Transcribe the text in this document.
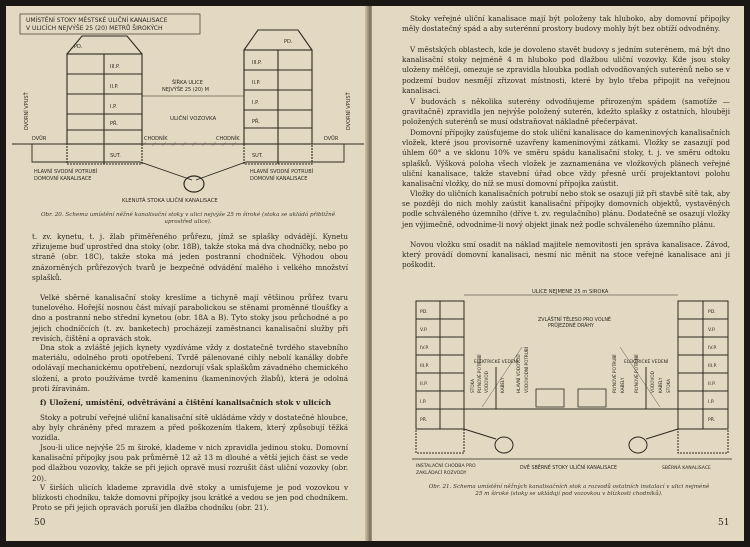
UMÍSTĚNÍ STOKY MĚSTSKÉ ULIČNÍ KANALISACE
V ULICÍCH NEJVÝŠE 25 (20) METRŮ ŠIROKÝCH
PD.
III.P.
II.P.
I.P.
PŘ.
SUT.
PD.
III.P.
II.P.
I.P.
PŘ.
SUT.
ŠÍŘKA ULICE
NEJVÝŠE 25 (20) M
ULIČNÍ VOZOVKA
CHODNÍK	CHODNÍK
DVORNÍ VPUSŤ	DVORNÍ VPUSŤ
DVŮR	DVŮR
HLAVNÍ SVODNÍ POTRUBÍ
DOMOVNÍ KANALISACE
HLAVNÍ SVODNÍ POTRUBÍ
DOMOVNÍ KANALISACE
KLENUTÁ STOKA ULIČNÍ KANALISACE
Obr. 20. Schema umístění něžné kanalisační stoky v ulici nejvýše 25 m široké (stoka se ukládá přibližně
uprostřed ulice).

t. zv. kynetu, t. j. žlab přiměřeného průřezu, jímž se splašky odvádějí. Kynetu zřizujeme buď uprostřed dna stoky (obr. 18B), takže stoka má dva chodníčky, nebo po straně (obr. 18C), takže stoka má jeden postranní chodníček. Výhodou obou znázorněných průřezových tvarů je bezpečné odvádění malého i velkého množství splašků.

Velké sběrné kanalisační stoky kreslíme a tichyně mají většinou průřez tvaru tunelového. Hořejší nosnou část mívají parabolickou se stěnami proměnné tloušťky a dno a postranní nebo střední kynetou (obr. 18A a B). Tyto stoky jsou průchodné a po jejich chodníčcích (t. zv. banketech) procházejí zaměstnanci kanalisační služby při revisích, čištění a opravách stok.

Dna stok a zvláště jejich kynety vyzdíváme vždy z dostatečně tvrdého stavebního materiálu, odolného proti opotřebení. Tvrdě pálenované cihly nebolí kanálky dobře odolávají mechanickému opotřebení, nezdorují však splaškům závadného chemického složení, a proto používáme tvrdě kameninu (kameninových žlabů), která je odolná proti žíravinám.

f) Uložení, umístění, odvětrávání a čištění kanalisačních stok v ulicích

Stoky a potrubí veřejné uliční kanalisační sítě ukládáme vždy v dostatečné hloubce, aby byly chráněny před mrazem a před poškozením tlakem, který způsobují těžká vozidla.

Jsou-li ulice nejvýše 25 m široké, klademe v nich zpravidla jedinou stoku. Domovní kanalisační přípojky jsou pak průměrně 12 až 13 m dlouhé a větší jejich část se vede pod dlažbou vozovky, takže se při jejich opravě musí rozrušit část uliční vozovky (obr. 20).

V širších ulicích klademe zpravidla dvě stoky a umisťujeme je pod vozovkou v blízkosti chodníku, takže domovní přípojky jsou krátké a vedou se jen pod chodníkem. Proto se při jejich opravách poruší jen dlažba chodníku (obr. 21).

50

Stoky veřejné uliční kanalisace mají být položeny tak hluboko, aby domovní přípojky měly dostatečný spád a aby suterénní prostory budovy mohly být bez obtíží odvodněny.

V městských oblastech, kde je dovoleno stavět budovy s jedním suterénem, má být dno kanalisační stoky nejméně 4 m hluboko pod dlažbou uliční vozovky. Kde jsou stoky uloženy mělčeji, omezuje se zpravidla hloubka podlah odvodňovaných suterénů nebo se v podzemí budov nesmějí zřizovat místnosti, které by bylo třeba připojit na veřejnou kanalisaci.

V budovách s několika suterény odvodňujeme přirozeným spádem (samotíže — gravitačně) zpravidla jen nejvýše položený suterén, kdežto splašky z ostatních, hlouběji položených suterénů se musí odstraňovat nákladně přečerpávat.

Domovní přípojky zaúsťujeme do stok uliční kanalisace do kameninových kanalisačních vložek, které jsou provisorně uzavřeny kameninovými zátkami. Vložky se zasazují pod úhlem 60° a ve sklonu 10% ve směru spádu kanalisační stoky, t. j. ve směru odtoku splašků. Výšková poloha všech vložek je zaznamenána ve vložkových plánech veřejné uliční kanalisace, takže stavební úřad obce vždy přesně určí projektantovi polohu kanalisační vložky, do níž se musí domovní přípojka zaústit.

Vložky do uličních kanalisačních potrubí nebo stok se osazují již při stavbě sítě tak, aby se později do nich mohly zaústit kanalisační přípojky domovních objektů, vystavěných podle schváleného územního (dříve t. zv. regulačního) plánu. Dodatečně se osazují vložky jen výjimečně, odvodníme-li nový objekt jinak než podle schváleného územního plánu.

Novou vložku smí osadit na náklad majitele nemovitosti jen správa kanalisace. Závod, který provádí domovní kanalisaci, nesmí nic měnit na stoce veřejné kanalisace ani ji poškodit.

ULICE NEJMÉNĚ 25 m ŠIROKÁ
ZVLÁŠTNÍ TĚLESO PRO VOLNÉ
PRŮJEZDNÉ DRÁHY
PD.
V.P.
IV.P.
III.P.
II.P.
I.P.
PŘ.
PD.
V.P.
IV.P.
III.P.
II.P.
I.P.
PŘ.
ELEKTRICKÉ VEDENÍ	ELEKTRICKÉ VEDENÍ
STOKA PLYNOVÉ POTRUBÍ VODOVOD	KABELY	HLAVNÍ VODOVOD VODOVODNÍ POTRUBÍ	PLYNOVÉ POTRUBÍ KABELY PLYNOVÉ POTRUBÍ	VODOVOD KABELY STOKA
INSTALAČNÍ CHODBA PRO
ZAKLÁDACÍ ROZVODY
DVĚ SBĚRNÉ STOKY ULIČNÍ KANALISACE	SBĚRNÁ KANALISACE
Obr. 21. Schema umístění něžných kanalisačních stok a rozvodů ostatních instalací v ulici nejméně
25 m široké (stoky se ukládají pod vozovkou v blízkosti chodníků).
51
